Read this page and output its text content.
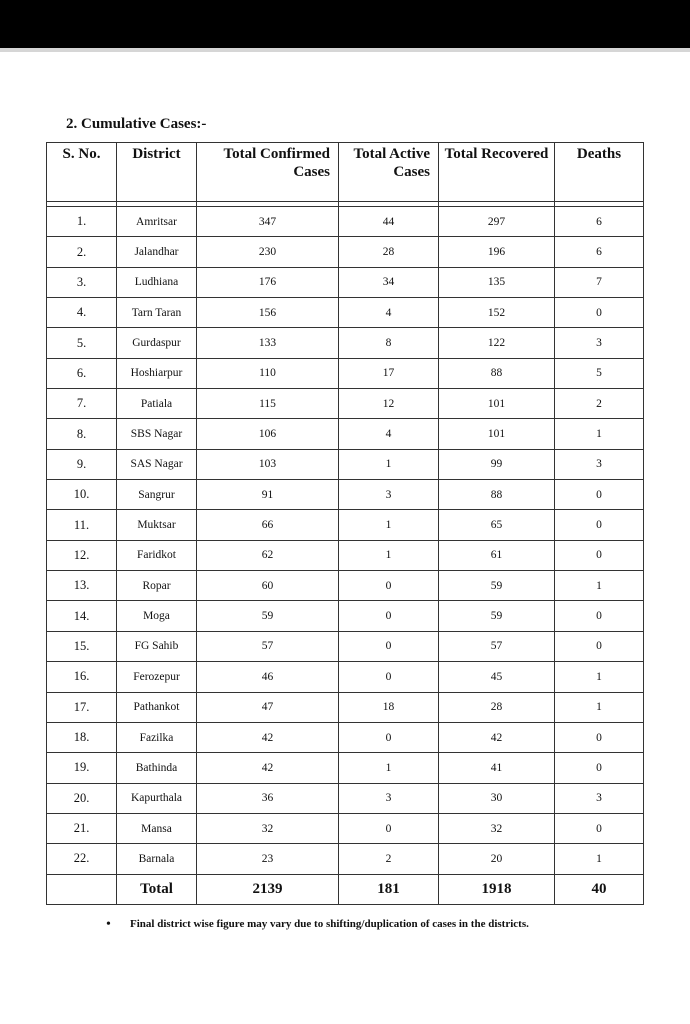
2. Cumulative Cases:-
S. No.	District	Total Confirmed Cases	Total Active Cases	Total Recovered	Deaths

1.	Amritsar	347	44	297	6
2.	Jalandhar	230	28	196	6
3.	Ludhiana	176	34	135	7
4.	Tarn Taran	156	4	152	0
5.	Gurdaspur	133	8	122	3
6.	Hoshiarpur	110	17	88	5
7.	Patiala	115	12	101	2
8.	SBS Nagar	106	4	101	1
9.	SAS Nagar	103	1	99	3
10.	Sangrur	91	3	88	0
11.	Muktsar	66	1	65	0
12.	Faridkot	62	1	61	0
13.	Ropar	60	0	59	1
14.	Moga	59	0	59	0
15.	FG Sahib	57	0	57	0
16.	Ferozepur	46	0	45	1
17.	Pathankot	47	18	28	1
18.	Fazilka	42	0	42	0
19.	Bathinda	42	1	41	0
20.	Kapurthala	36	3	30	3
21.	Mansa	32	0	32	0
22.	Barnala	23	2	20	1
	Total	2139	181	1918	40
• Final district wise figure may vary due to shifting/duplication of cases in the districts.
